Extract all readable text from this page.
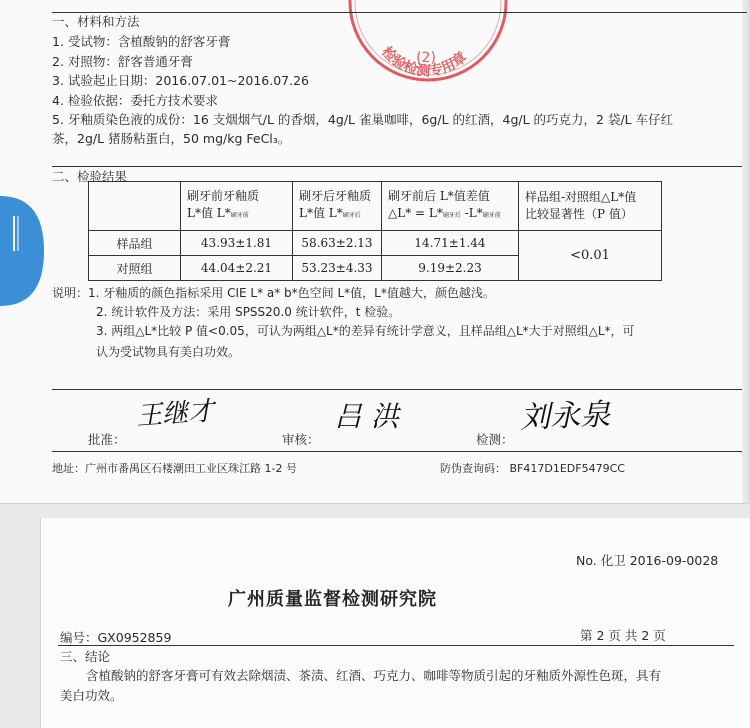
检验检测专用章
(2)
一、材料和方法
1. 受试物：含植酸钠的舒客牙膏
2. 对照物：舒客普通牙膏
3. 试验起止日期：2016.07.01~2016.07.26
4. 检验依据：委托方技术要求
5. 牙釉质染色液的成份：16 支烟烟气/L 的香烟，4g/L 雀巢咖啡，6g/L 的红酒，4g/L 的巧克力，2 袋/L 车仔红
茶，2g/L 猪肠粘蛋白，50 mg/kg FeCl₃。
二、检验结果
	刷牙前牙釉质
L*值 L*刷牙前	刷牙后牙釉质
L*值 L*刷牙后	刷牙前后 L*值差值
△L* = L*刷牙后 -L*刷牙前	样品组-对照组△L*值
比较显著性（P 值）
样品组	43.93±1.81	58.63±2.13	14.71±1.44	<0.01
对照组	44.04±2.21	53.23±4.33	9.19±2.23	
说明：1. 牙釉质的颜色指标采用 CIE L* a* b*色空间 L*值，L*值越大，颜色越浅。
2. 统计软件及方法：采用 SPSS20.0 统计软件，t 检验。
3. 两组△L*比较 P 值<0.05，可认为两组△L*的差异有统计学意义，且样品组△L*大于对照组△L*，可
认为受试物具有美白功效。
批准：
王继才
审核：
吕 洪
检测：
刘永泉
地址：广州市番禺区石楼潮田工业区珠江路 1-2 号	防伪查询码： BF417D1EDF5479CC
No. 化卫 2016-09-0028
广州质量监督检测研究院
编号：GX0952859	第 2 页 共 2 页
三、结论
含植酸钠的舒客牙膏可有效去除烟渍、茶渍、红酒、巧克力、咖啡等物质引起的牙釉质外源性色斑，具有
美白功效。
